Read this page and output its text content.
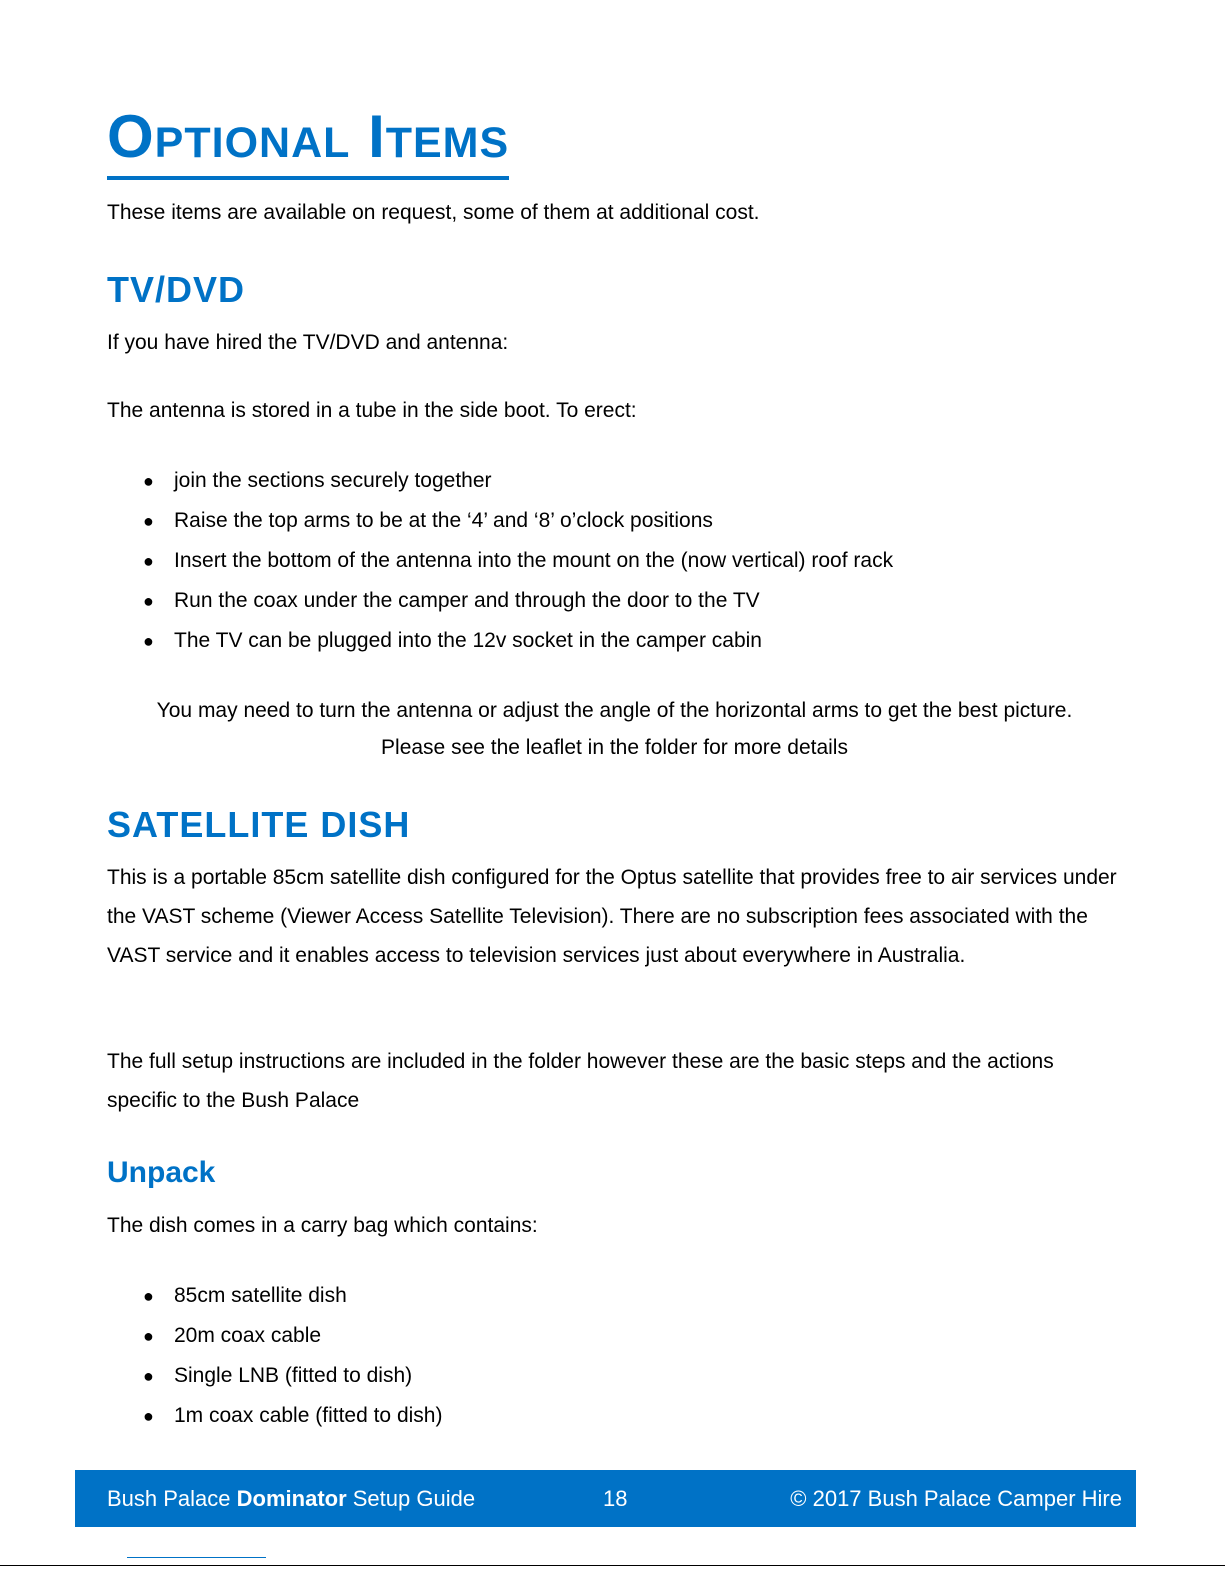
OPTIONAL ITEMS

These items are available on request, some of them at additional cost.

TV/DVD

If you have hired the TV/DVD and antenna:

The antenna is stored in a tube in the side boot. To erect:

● join the sections securely together
● Raise the top arms to be at the ‘4’ and ‘8’ o’clock positions
● Insert the bottom of the antenna into the mount on the (now vertical) roof rack
● Run the coax under the camper and through the door to the TV
● The TV can be plugged into the 12v socket in the camper cabin
You may need to turn the antenna or adjust the angle of the horizontal arms to get the best picture.
Please see the leaflet in the folder for more details
SATELLITE DISH

This is a portable 85cm satellite dish configured for the Optus satellite that provides free to air services under the VAST scheme (Viewer Access Satellite Television). There are no subscription fees associated with the VAST service and it enables access to television services just about everywhere in Australia.

The full setup instructions are included in the folder however these are the basic steps and the actions specific to the Bush Palace

Unpack

The dish comes in a carry bag which contains:

● 85cm satellite dish
● 20m coax cable
● Single LNB (fitted to dish)
● 1m coax cable (fitted to dish)
Bush Palace Dominator Setup Guide	18	© 2017 Bush Palace Camper Hire
